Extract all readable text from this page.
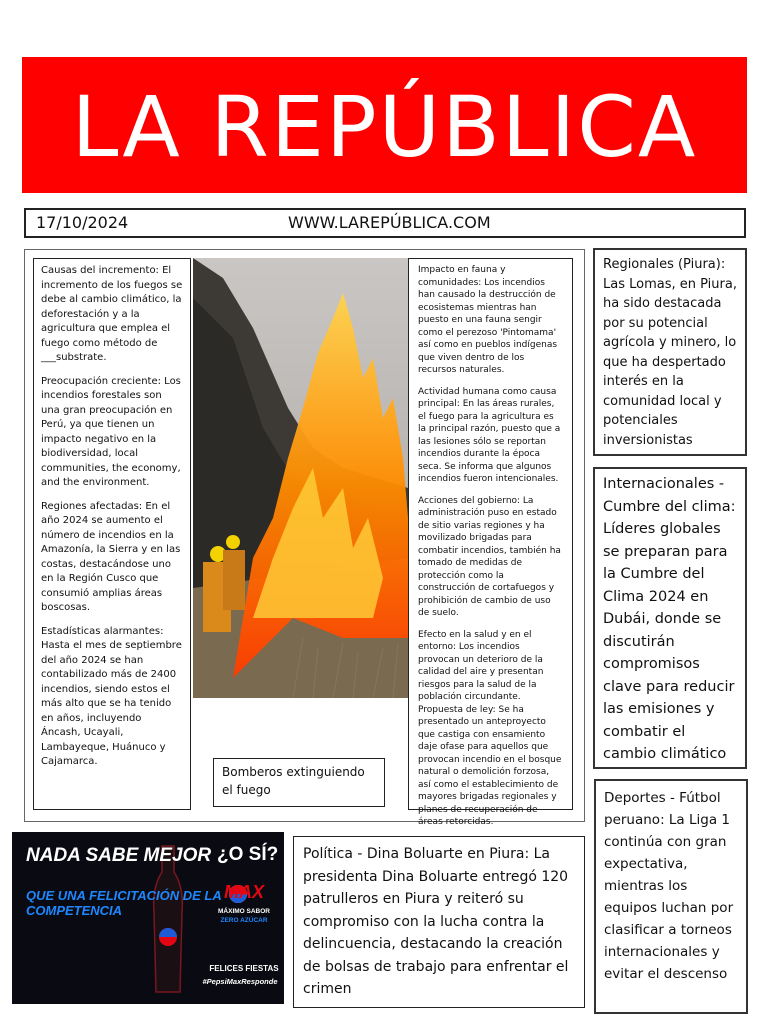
LA REPÚBLICA
17/10/2024	WWW.LAREPÚBLICA.COM

Causas del incremento: El incremento de los fuegos se debe al cambio climático, la deforestación y a la agricultura que emplea el fuego como método de ___substrate.

Preocupación creciente: Los incendios forestales son una gran preocupación en Perú, ya que tienen un impacto negativo en la biodiversidad, local communities, the economy, and the environment.

Regiones afectadas: En el año 2024 se aumento el número de incendios en la Amazonía, la Sierra y en las costas, destacándose uno en la Región Cusco que consumió amplias áreas boscosas.

Estadísticas alarmantes: Hasta el mes de septiembre del año 2024 se han contabilizado más de 2400 incendios, siendo estos el más alto que se ha tenido en años, incluyendo Áncash, Ucayali, Lambayeque, Huánuco y Cajamarca.

Bomberos extinguiendo el fuego

Impacto en fauna y comunidades: Los incendios han causado la destrucción de ecosistemas mientras han puesto en una fauna sengir como el perezoso 'Pintomama' así como en pueblos indígenas que viven dentro de los recursos naturales.

Actividad humana como causa principal: En las áreas rurales, el fuego para la agricultura es la principal razón, puesto que a las lesiones sólo se reportan incendios durante la época seca. Se informa que algunos incendios fueron intencionales.

Acciones del gobierno: La administración puso en estado de sitio varias regiones y ha movilizado brigadas para combatir incendios, también ha tomado de medidas de protección como la construcción de cortafuegos y prohibición de cambio de uso de suelo.

Efecto en la salud y en el entorno: Los incendios provocan un deterioro de la calidad del aire y presentan riesgos para la salud de la población circundante.

Propuesta de ley: Se ha presentado un anteproyecto que castiga con ensamiento daje ofase para aquellos que provocan incendio en el bosque natural o demolición forzosa, así como el establecimiento de mayores brigadas regionales y planes de recuperación de áreas retorcidas.

Regionales (Piura): Las Lomas, en Piura, ha sido destacada por su potencial agrícola y minero, lo que ha despertado interés en la comunidad local y potenciales inversionistas
Internacionales - Cumbre del clima: Líderes globales se preparan para la Cumbre del Clima 2024 en Dubái, donde se discutirán compromisos clave para reducir las emisiones y combatir el cambio climático
Deportes - Fútbol peruano: La Liga 1 continúa con gran expectativa, mientras los equipos luchan por clasificar a torneos internacionales y evitar el descenso
Política - Dina Boluarte en Piura: La presidenta Dina Boluarte entregó 120 patrulleros en Piura y reiteró su compromiso con la lucha contra la delincuencia, destacando la creación de bolsas de trabajo para enfrentar el crimen
NADA SABE MEJOR
QUE UNA FELICITACIÓN DE LA COMPETENCIA
¿O SÍ?
MAX
MÁXIMO SABOR
ZERO AZÚCAR
FELICES FIESTAS
#PepsiMaxResponde
